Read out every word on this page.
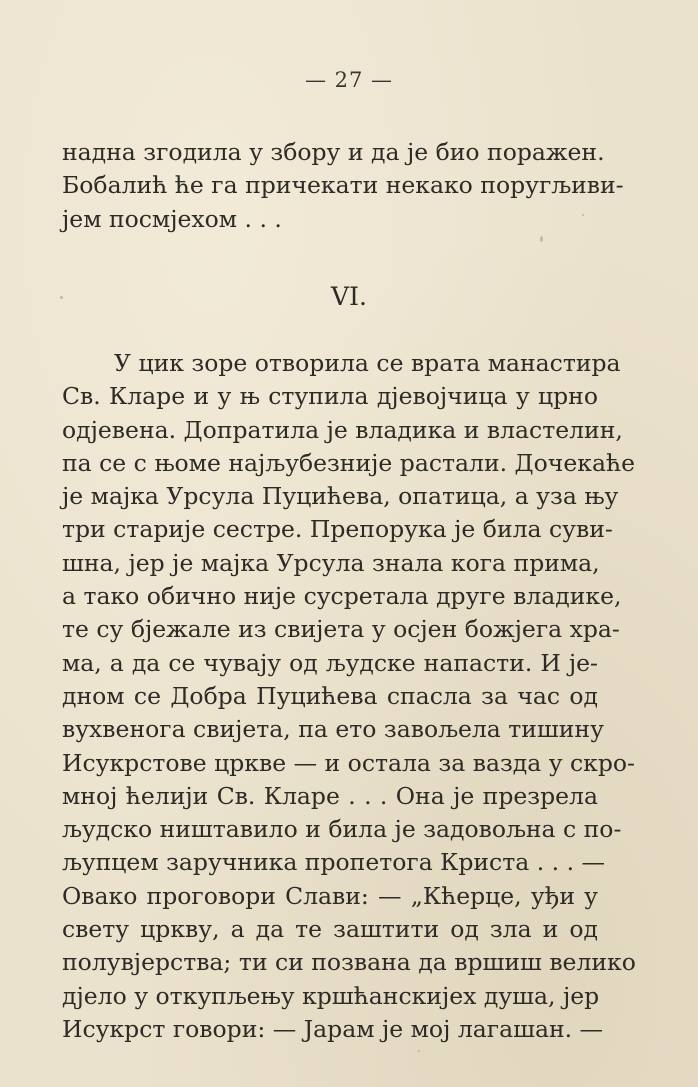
— 27 —
надна згодила у збору и да је био поражен.
Бобалић ће га причекати некако поругљиви-
јем посмјехом . . .
VI.
У цик зоре отворила се врата манастира
Св. Кларе и у њ ступила дјевојчица у црно
одјевена. Допратила је владика и властелин,
па се с њоме најљубезније растали. Дочекаће
је мајка Урсула Пуцићева, опатица, а уза њу
три старије сестре. Препорука је била суви-
шна, јер је мајка Урсула знала кога прима,
а тако обично није сусретала друге владике,
те су бјежале из свијета у осјен божјега хра-
ма, а да се чувају од људске напасти. И је-
дном се Добра Пуцићева спасла за час од
вухвенога свијета, па ето завољела тишину
Исукрстове цркве — и остала за вазда у скро-
мној ћелији Св. Кларе . . . Она је презрела
људско ништавило и била је задовољна с по-
љупцем заручника пропетога Криста . . . —
Овако проговори Слави: — „Кћерце, уђи у
свету цркву, а да те заштити од зла и од
полувјерства; ти си позвана да вршиш велико
дјело у откупљењу кршћанскијех душа, јер
Исукрст говори: — Јарам је мој лагашан. —
